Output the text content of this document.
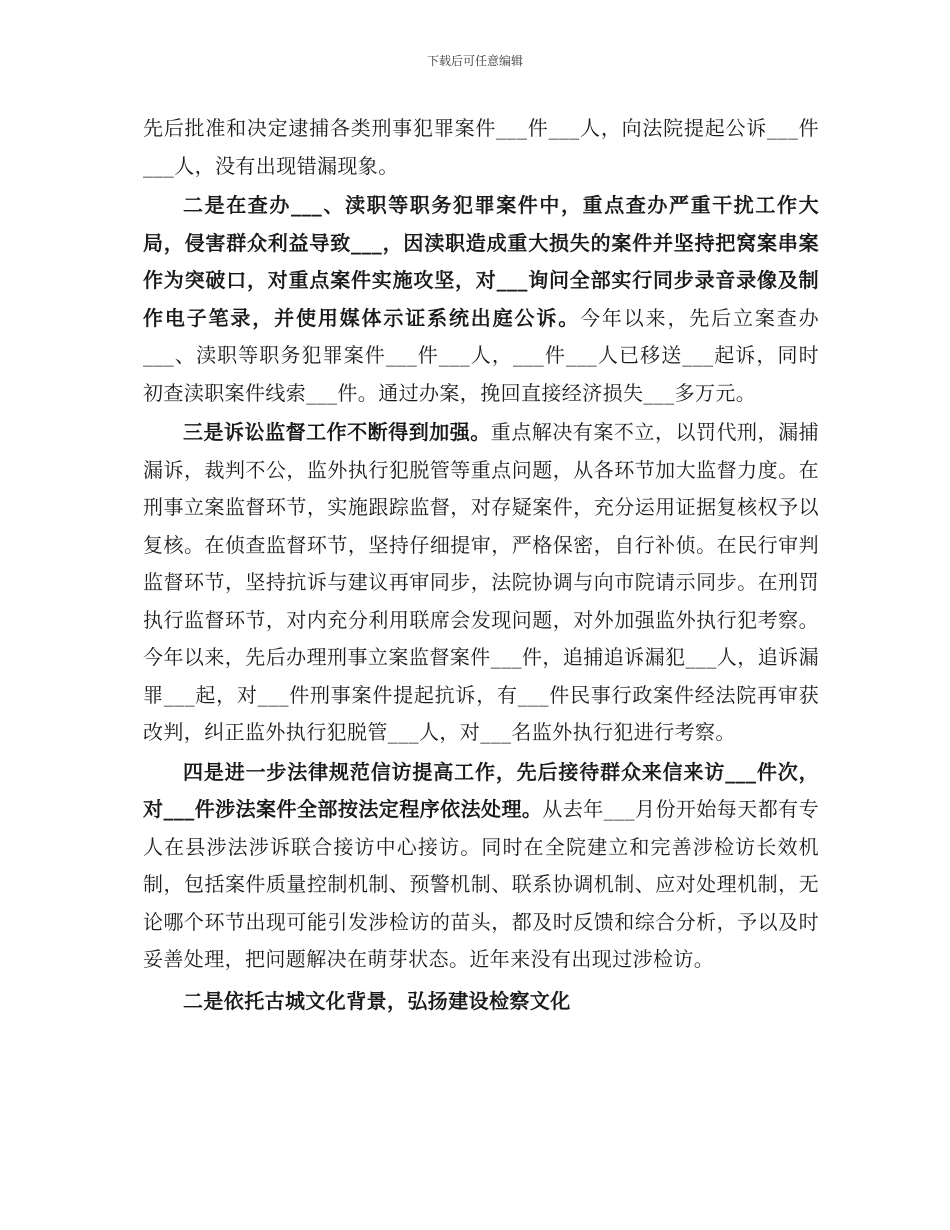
下载后可任意编辑

先后批准和决定逮捕各类刑事犯罪案件___件___人，向法院提起公诉___件___人，没有出现错漏现象。

二是在查办___、渎职等职务犯罪案件中，重点查办严重干扰工作大局，侵害群众利益导致___，因渎职造成重大损失的案件并坚持把窝案串案作为突破口，对重点案件实施攻坚，对___询问全部实行同步录音录像及制作电子笔录，并使用媒体示证系统出庭公诉。今年以来，先后立案查办___、渎职等职务犯罪案件___件___人，___件___人已移送___起诉，同时初查渎职案件线索___件。通过办案，挽回直接经济损失___多万元。

三是诉讼监督工作不断得到加强。重点解决有案不立，以罚代刑，漏捕漏诉，裁判不公，监外执行犯脱管等重点问题，从各环节加大监督力度。在刑事立案监督环节，实施跟踪监督，对存疑案件，充分运用证据复核权予以复核。在侦查监督环节，坚持仔细提审，严格保密，自行补侦。在民行审判监督环节，坚持抗诉与建议再审同步，法院协调与向市院请示同步。在刑罚执行监督环节，对内充分利用联席会发现问题，对外加强监外执行犯考察。今年以来，先后办理刑事立案监督案件___件，追捕追诉漏犯___人，追诉漏罪___起，对___件刑事案件提起抗诉，有___件民事行政案件经法院再审获改判，纠正监外执行犯脱管___人，对___名监外执行犯进行考察。

四是进一步法律规范信访提高工作，先后接待群众来信来访___件次，对___件涉法案件全部按法定程序依法处理。从去年___月份开始每天都有专人在县涉法涉诉联合接访中心接访。同时在全院建立和完善涉检访长效机制，包括案件质量控制机制、预警机制、联系协调机制、应对处理机制，无论哪个环节出现可能引发涉检访的苗头，都及时反馈和综合分析，予以及时妥善处理，把问题解决在萌芽状态。近年来没有出现过涉检访。

二是依托古城文化背景，弘扬建设检察文化
